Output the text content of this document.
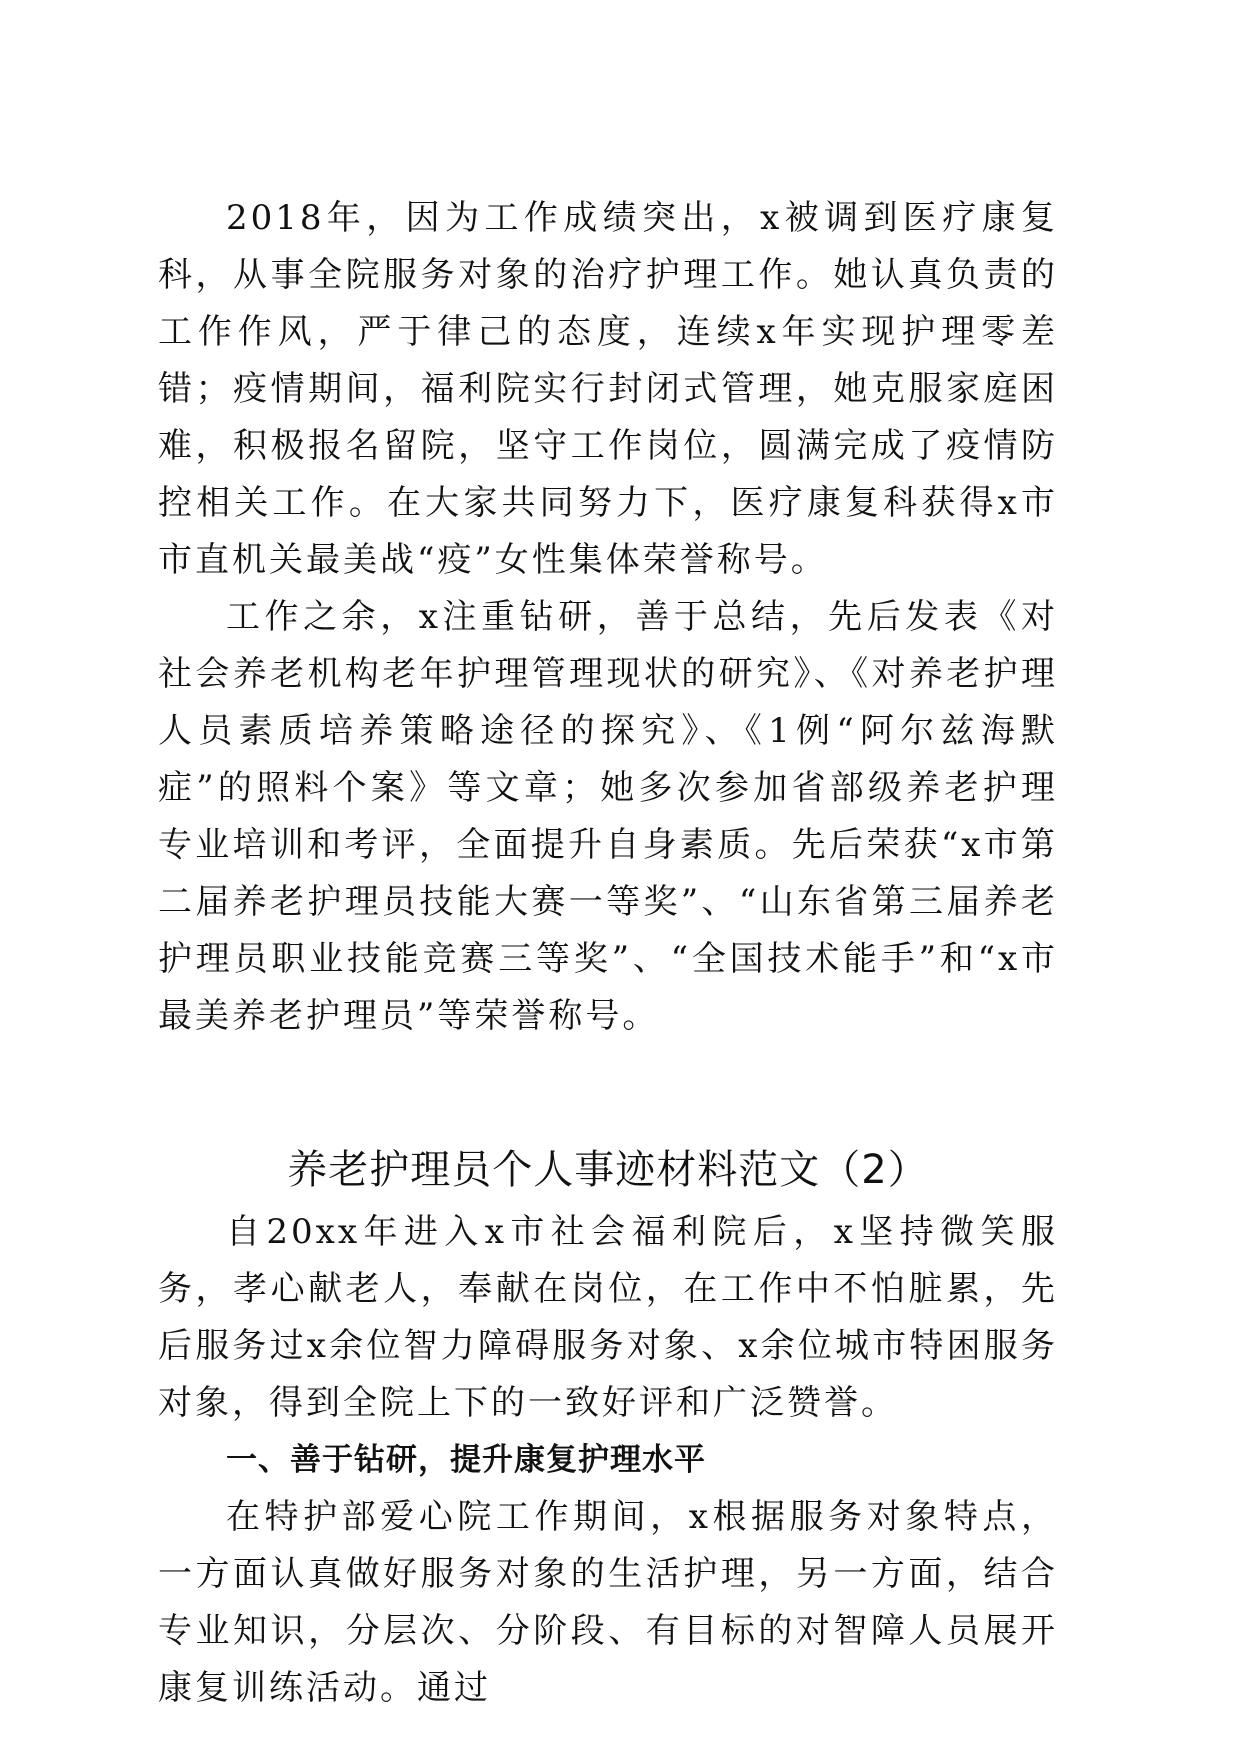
2018年，因为工作成绩突出，x被调到医疗康复科，从事全院服务对象的治疗护理工作。她认真负责的工作作风，严于律己的态度，连续x年实现护理零差错；疫情期间，福利院实行封闭式管理，她克服家庭困难，积极报名留院，坚守工作岗位，圆满完成了疫情防控相关工作。在大家共同努力下，医疗康复科获得x市市直机关最美战“疫”女性集体荣誉称号。

工作之余，x注重钻研，善于总结，先后发表《对社会养老机构老年护理管理现状的研究》、《对养老护理人员素质培养策略途径的探究》、《1例“阿尔兹海默症”的照料个案》等文章；她多次参加省部级养老护理专业培训和考评，全面提升自身素质。先后荣获“x市第二届养老护理员技能大赛一等奖”、“山东省第三届养老护理员职业技能竞赛三等奖”、“全国技术能手”和“x市最美养老护理员”等荣誉称号。

养老护理员个人事迹材料范文（2）

自20xx年进入x市社会福利院后，x坚持微笑服务，孝心献老人，奉献在岗位，在工作中不怕脏累，先后服务过x余位智力障碍服务对象、x余位城市特困服务对象，得到全院上下的一致好评和广泛赞誉。

一、善于钻研，提升康复护理水平

在特护部爱心院工作期间，x根据服务对象特点，一方面认真做好服务对象的生活护理，另一方面，结合专业知识，分层次、分阶段、有目标的对智障人员展开康复训练活动。通过
